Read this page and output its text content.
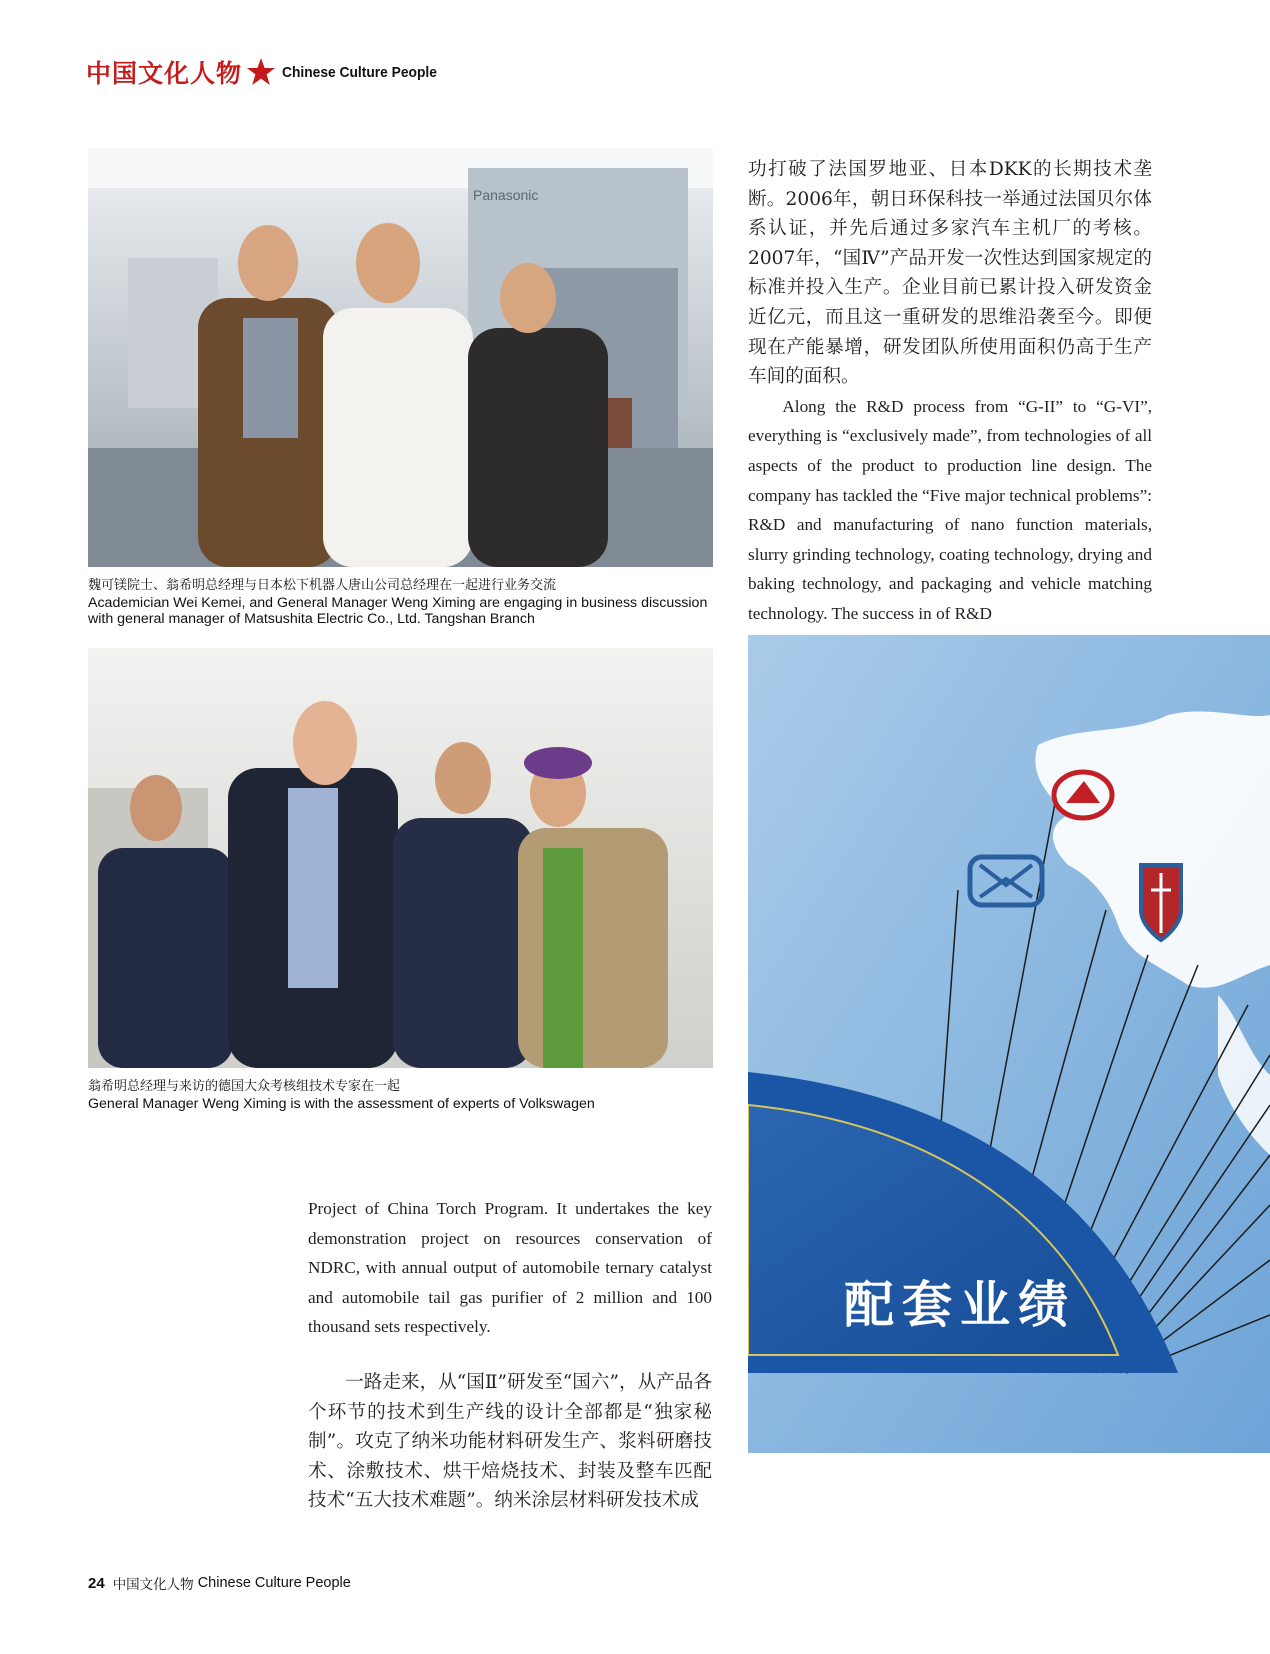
中国文化人物	Chinese Culture People
Panasonic
魏可镁院士、翁希明总经理与日本松下机器人唐山公司总经理在一起进行业务交流
Academician Wei Kemei, and General Manager Weng Ximing are engaging in business discussion with general manager of Matsushita Electric Co., Ltd. Tangshan Branch
翁希明总经理与来访的德国大众考核组技术专家在一起
General Manager Weng Ximing is with the assessment of experts of Volkswagen
功打破了法国罗地亚、日本DKK的长期技术垄断。2006年，朝日环保科技一举通过法国贝尔体系认证，并先后通过多家汽车主机厂的考核。2007年，“国Ⅳ”产品开发一次性达到国家规定的标准并投入生产。企业目前已累计投入研发资金近亿元，而且这一重研发的思维沿袭至今。即便现在产能暴增，研发团队所使用面积仍高于生产车间的面积。
Along the R&D process from “G-II” to “G-VI”, everything is “exclusively made”, from technologies of all aspects of the product to production line design. The company has tackled the “Five major technical problems”: R&D and manufacturing of nano function materials, slurry grinding technology, coating technology, drying and baking technology, and packaging and vehicle matching technology. The success in of R&D
Project of China Torch Program. It undertakes the key demonstration project on resources conservation of NDRC, with annual output of automobile ternary catalyst and automobile tail gas purifier of 2 million and 100 thousand sets respectively.
一路走来，从“国Ⅱ”研发至“国六”，从产品各个环节的技术到生产线的设计全部都是“独家秘制”。攻克了纳米功能材料研发生产、浆料研磨技术、涂敷技术、烘干焙烧技术、封装及整车匹配技术“五大技术难题”。纳米涂层材料研发技术成
配套业绩
24 中国文化人物 Chinese Culture People
